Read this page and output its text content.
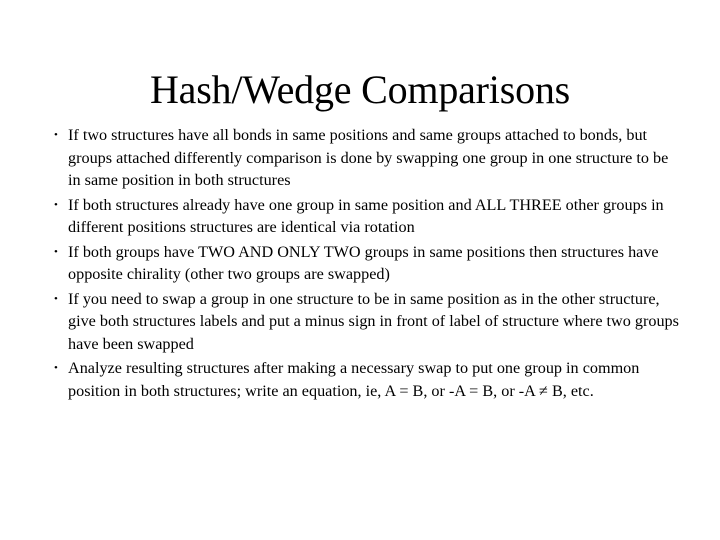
Hash/Wedge Comparisons
• If two structures have all bonds in same positions and same groups attached to bonds, but groups attached differently comparison is done by swapping one group in one structure to be in same position in both structures
• If both structures already have one group in same position and ALL THREE other groups in different positions structures are identical via rotation
• If both groups have TWO AND ONLY TWO groups in same positions then structures have opposite chirality (other two groups are swapped)
• If you need to swap a group in one structure to be in same position as in the other structure, give both structures labels and put a minus sign in front of label of structure where two groups have been swapped
• Analyze resulting structures after making a necessary swap to put one group in common position in both structures; write an equation, ie, A = B, or -A = B, or -A ≠ B, etc.
